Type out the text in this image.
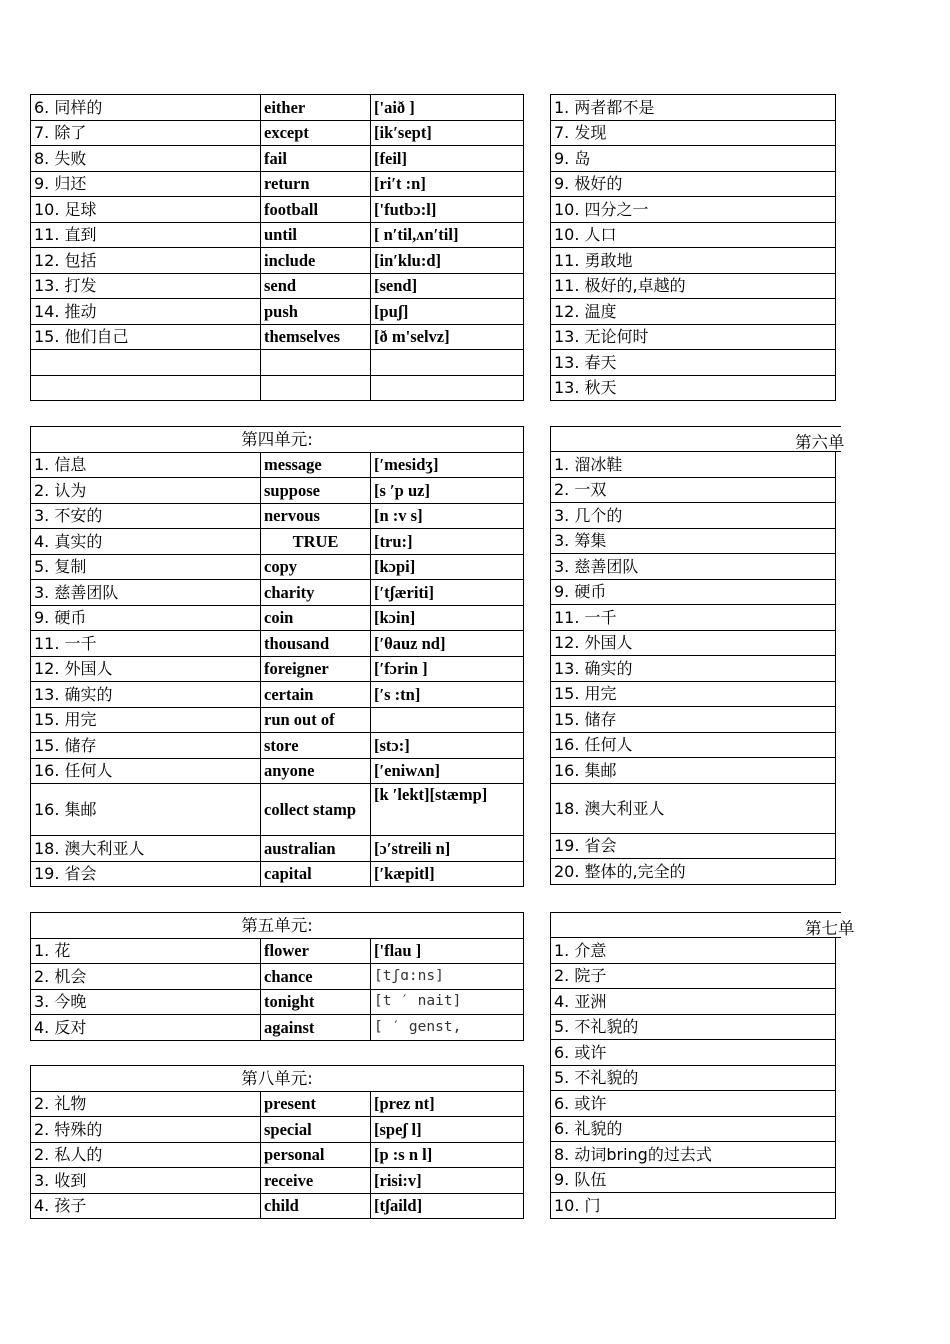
6. 同样的	either	['aið ]
7. 除了	except	[ik′sept]
8. 失败	fail	[feil]
9. 归还	return	[ri′t :n]
10. 足球	football	['futbɔ:l]
11. 直到	until	[ n′til,ʌn′til]
12. 包括	include	[in′klu:d]
13. 打发	send	[send]
14. 推动	push	[puʃ]
15. 他们自己	themselves	[ð m'selvz]

1. 两者都不是
7. 发现
9. 岛
9. 极好的
10. 四分之一
10. 人口
11. 勇敢地
11. 极好的,卓越的
12. 温度
13. 无论何时
13. 春天
13. 秋天
第四单元:		
1. 信息	message	[′mesidʒ]
2. 认为	suppose	[s ′p uz]
3. 不安的	nervous	[n :v s]
4. 真实的	TRUE	[tru:]
5. 复制	copy	[kɔpi]
3. 慈善团队	charity	[′tʃæriti]
9. 硬币	coin	[kɔin]
11. 一千	thousand	[′θauz nd]
12. 外国人	foreigner	[′fɔrin ]
13. 确实的	certain	[′s :tn]
15. 用完	run out of	
15. 储存	store	[stɔ:]
16. 任何人	anyone	[′eniwʌn]
16. 集邮	collect stamp	[k ′lekt][stæmp]
18. 澳大利亚人	australian	[ɔ′streili n]
19. 省会	capital	[′kæpitl]
第六单
1. 溜冰鞋
2. 一双
3. 几个的
3. 筹集
3. 慈善团队
9. 硬币
11. 一千
12. 外国人
13. 确实的
15. 用完
15. 储存
16. 任何人
16. 集邮
18. 澳大利亚人
19. 省会
20. 整体的,完全的
第五单元:		
1. 花	flower	['flau ]
2. 机会	chance	[tʃɑ:ns]
3. 今晚	tonight	[t ′ nait]
4. 反对	against	[ ′ genst,
第八单元:		
2. 礼物	present	[prez nt]
2. 特殊的	special	[speʃ l]
2. 私人的	personal	[p :s n l]
3. 收到	receive	[risi:v]
4. 孩子	child	[tʃaild]
第七单
1. 介意
2. 院子
4. 亚洲
5. 不礼貌的
6. 或许
5. 不礼貌的
6. 或许
6. 礼貌的
8. 动词bring的过去式
9. 队伍
10. 门
